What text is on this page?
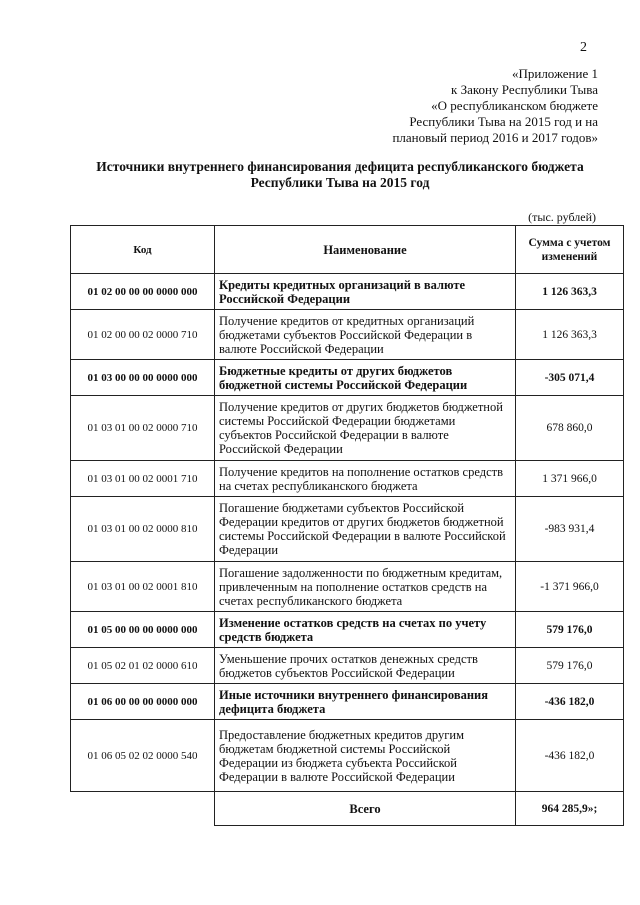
2
«Приложение 1
к Закону Республики Тыва
«О республиканском бюджете
Республики Тыва на 2015 год и на
плановый период 2016 и 2017 годов»
Источники внутреннего финансирования дефицита республиканского бюджета
Республики Тыва на 2015 год
(тыс. рублей)
Код	Наименование	Сумма с учетом изменений
01 02 00 00 00 0000 000	Кредиты кредитных организаций в валюте Российской Федерации	1 126 363,3
01 02 00 00 02 0000 710	Получение кредитов от кредитных организаций бюджетами субъектов Российской Федерации в валюте Российской Федерации	1 126 363,3
01 03 00 00 00 0000 000	Бюджетные кредиты от других бюджетов бюджетной системы Российской Федерации	-305 071,4
01 03 01 00 02 0000 710	Получение кредитов от других бюджетов бюджетной системы Российской Федерации бюджетами субъектов Российской Федерации в валюте Российской Федерации	678 860,0
01 03 01 00 02 0001 710	Получение кредитов на пополнение остатков средств на счетах республиканского бюджета	1 371 966,0
01 03 01 00 02 0000 810	Погашение бюджетами субъектов Российской Федерации кредитов от других бюджетов бюджетной системы Российской Федерации в валюте Российской Федерации	-983 931,4
01 03 01 00 02 0001 810	Погашение задолженности по бюджетным кредитам, привлеченным на пополнение остатков средств на счетах республиканского бюджета	-1 371 966,0
01 05 00 00 00 0000 000	Изменение остатков средств на счетах по учету средств бюджета	579 176,0
01 05 02 01 02 0000 610	Уменьшение прочих остатков денежных средств бюджетов субъектов Российской Федерации	579 176,0
01 06 00 00 00 0000 000	Иные источники внутреннего финансирования дефицита бюджета	-436 182,0
01 06 05 02 02 0000 540	Предоставление бюджетных кредитов другим бюджетам бюджетной системы Российской Федерации из бюджета субъекта Российской Федерации в валюте Российской Федерации	-436 182,0
	Всего	964 285,9»;
